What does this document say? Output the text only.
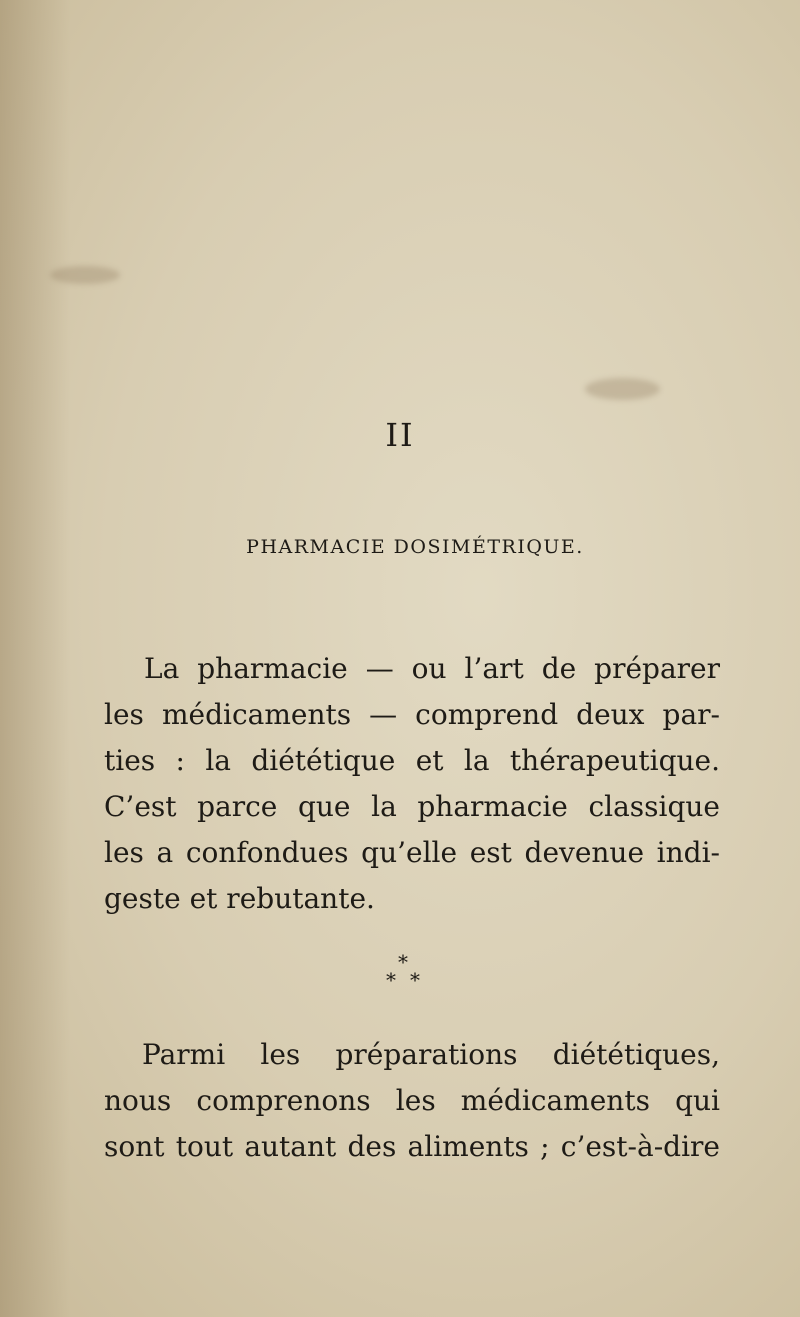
II
PHARMACIE DOSIMÉTRIQUE.

La pharmacie — ou l’art de préparer
les médicaments — comprend deux par-
ties : la diététique et la thérapeutique.
C’est parce que la pharmacie classique
les a confondues qu’elle est devenue indi-
geste et rebutante.

*
* *

Parmi les préparations diététiques,
nous comprenons les médicaments qui
sont tout autant des aliments ; c’est-à-dire
